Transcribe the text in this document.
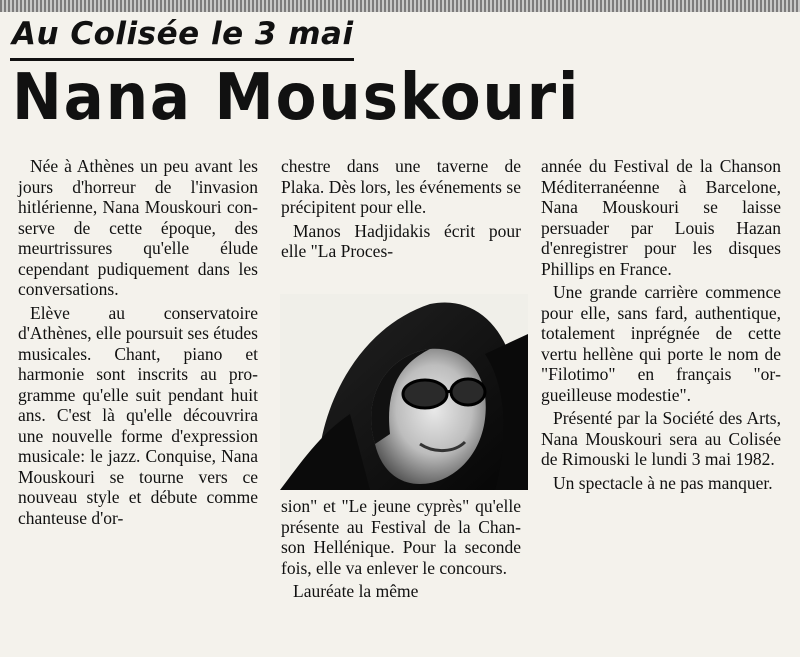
Au Colisée le 3 mai
Nana Mouskouri

Née à Athènes un peu avant les jours d'horreur de l'invasion hitlérienne, Nana Mouskouri conserve de cette époque, des meurtrissures qu'elle élude cependant pudiquement dans les conversations.

Elève au conservatoire d'Athènes, elle poursuit ses études musicales. Chant, piano et harmonie sont inscrits au programme qu'elle suit pendant huit ans. C'est là qu'elle découvrira une nouvelle forme d'expression musicale: le jazz. Conquise, Nana Mouskouri se tourne vers ce nouveau style et débute comme chanteuse d'or-

chestre dans une taverne de Plaka. Dès lors, les événements se précipitent pour elle.

Manos Hadjidakis écrit pour elle "La Proces-

sion" et "Le jeune cyprès" qu'elle présente au Festival de la Chanson Hellénique. Pour la seconde fois, elle va enlever le concours.

Lauréate la même

année du Festival de la Chanson Méditerranéenne à Barcelone, Nana Mouskouri se laisse persuader par Louis Hazan d'enregistrer pour les disques Phillips en France.

Une grande carrière commence pour elle, sans fard, authentique, totalement inprégnée de cette vertu hellène qui porte le nom de "Filotimo" en français "orgueilleuse modestie".

Présenté par la Société des Arts, Nana Mouskouri sera au Colisée de Rimouski le lundi 3 mai 1982.

Un spectacle à ne pas manquer.
